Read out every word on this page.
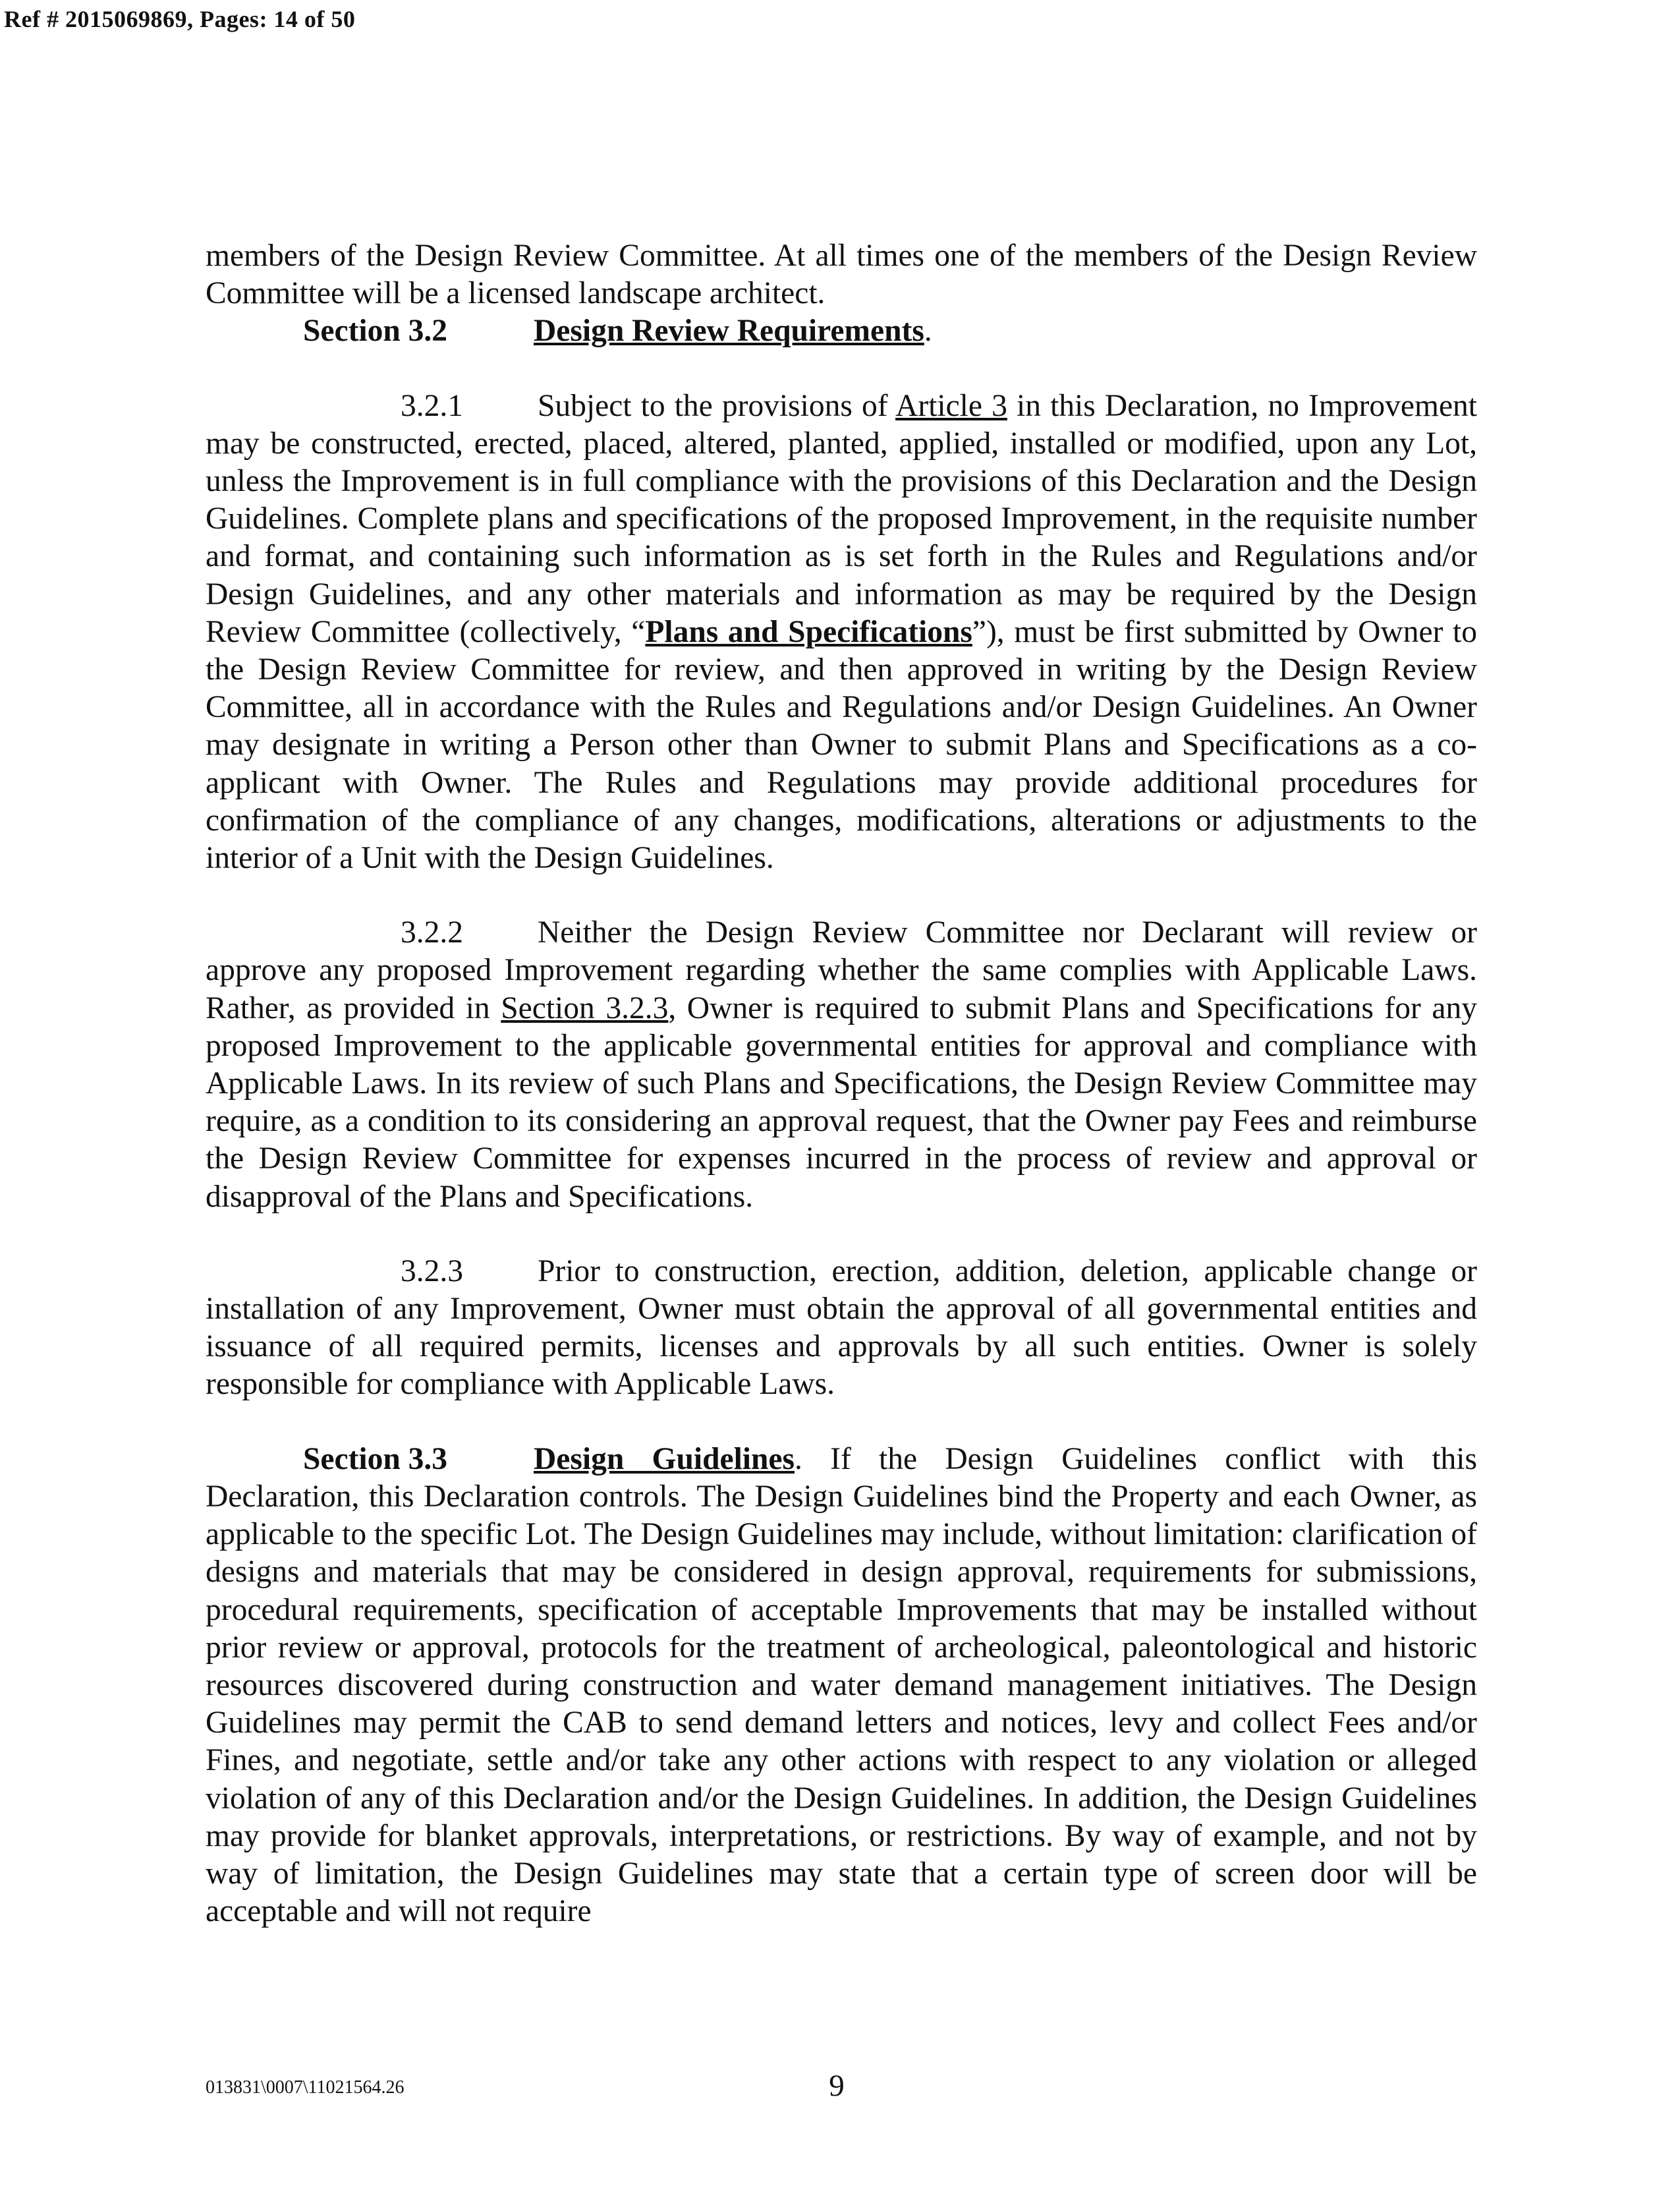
Ref # 2015069869, Pages: 14 of 50

members of the Design Review Committee. At all times one of the members of the Design Review Committee will be a licensed landscape architect.

Section 3.2	Design Review Requirements.

3.2.1 Subject to the provisions of Article 3 in this Declaration, no Improvement may be constructed, erected, placed, altered, planted, applied, installed or modified, upon any Lot, unless the Improvement is in full compliance with the provisions of this Declaration and the Design Guidelines. Complete plans and specifications of the proposed Improvement, in the requisite number and format, and containing such information as is set forth in the Rules and Regulations and/or Design Guidelines, and any other materials and information as may be required by the Design Review Committee (collectively, “Plans and Specifications”), must be first submitted by Owner to the Design Review Committee for review, and then approved in writing by the Design Review Committee, all in accordance with the Rules and Regulations and/or Design Guidelines. An Owner may designate in writing a Person other than Owner to submit Plans and Specifications as a co-applicant with Owner. The Rules and Regulations may provide additional procedures for confirmation of the compliance of any changes, modifications, alterations or adjustments to the interior of a Unit with the Design Guidelines.

3.2.2 Neither the Design Review Committee nor Declarant will review or approve any proposed Improvement regarding whether the same complies with Applicable Laws. Rather, as provided in Section 3.2.3, Owner is required to submit Plans and Specifications for any proposed Improvement to the applicable governmental entities for approval and compliance with Applicable Laws. In its review of such Plans and Specifications, the Design Review Committee may require, as a condition to its considering an approval request, that the Owner pay Fees and reimburse the Design Review Committee for expenses incurred in the process of review and approval or disapproval of the Plans and Specifications.

3.2.3 Prior to construction, erection, addition, deletion, applicable change or installation of any Improvement, Owner must obtain the approval of all governmental entities and issuance of all required permits, licenses and approvals by all such entities. Owner is solely responsible for compliance with Applicable Laws.

Section 3.3	Design Guidelines. If the Design Guidelines conflict with this Declaration, this Declaration controls. The Design Guidelines bind the Property and each Owner, as applicable to the specific Lot. The Design Guidelines may include, without limitation: clarification of designs and materials that may be considered in design approval, requirements for submissions, procedural requirements, specification of acceptable Improvements that may be installed without prior review or approval, protocols for the treatment of archeological, paleontological and historic resources discovered during construction and water demand management initiatives. The Design Guidelines may permit the CAB to send demand letters and notices, levy and collect Fees and/or Fines, and negotiate, settle and/or take any other actions with respect to any violation or alleged violation of any of this Declaration and/or the Design Guidelines. In addition, the Design Guidelines may provide for blanket approvals, interpretations, or restrictions. By way of example, and not by way of limitation, the Design Guidelines may state that a certain type of screen door will be acceptable and will not require

013831\0007\11021564.26	9
